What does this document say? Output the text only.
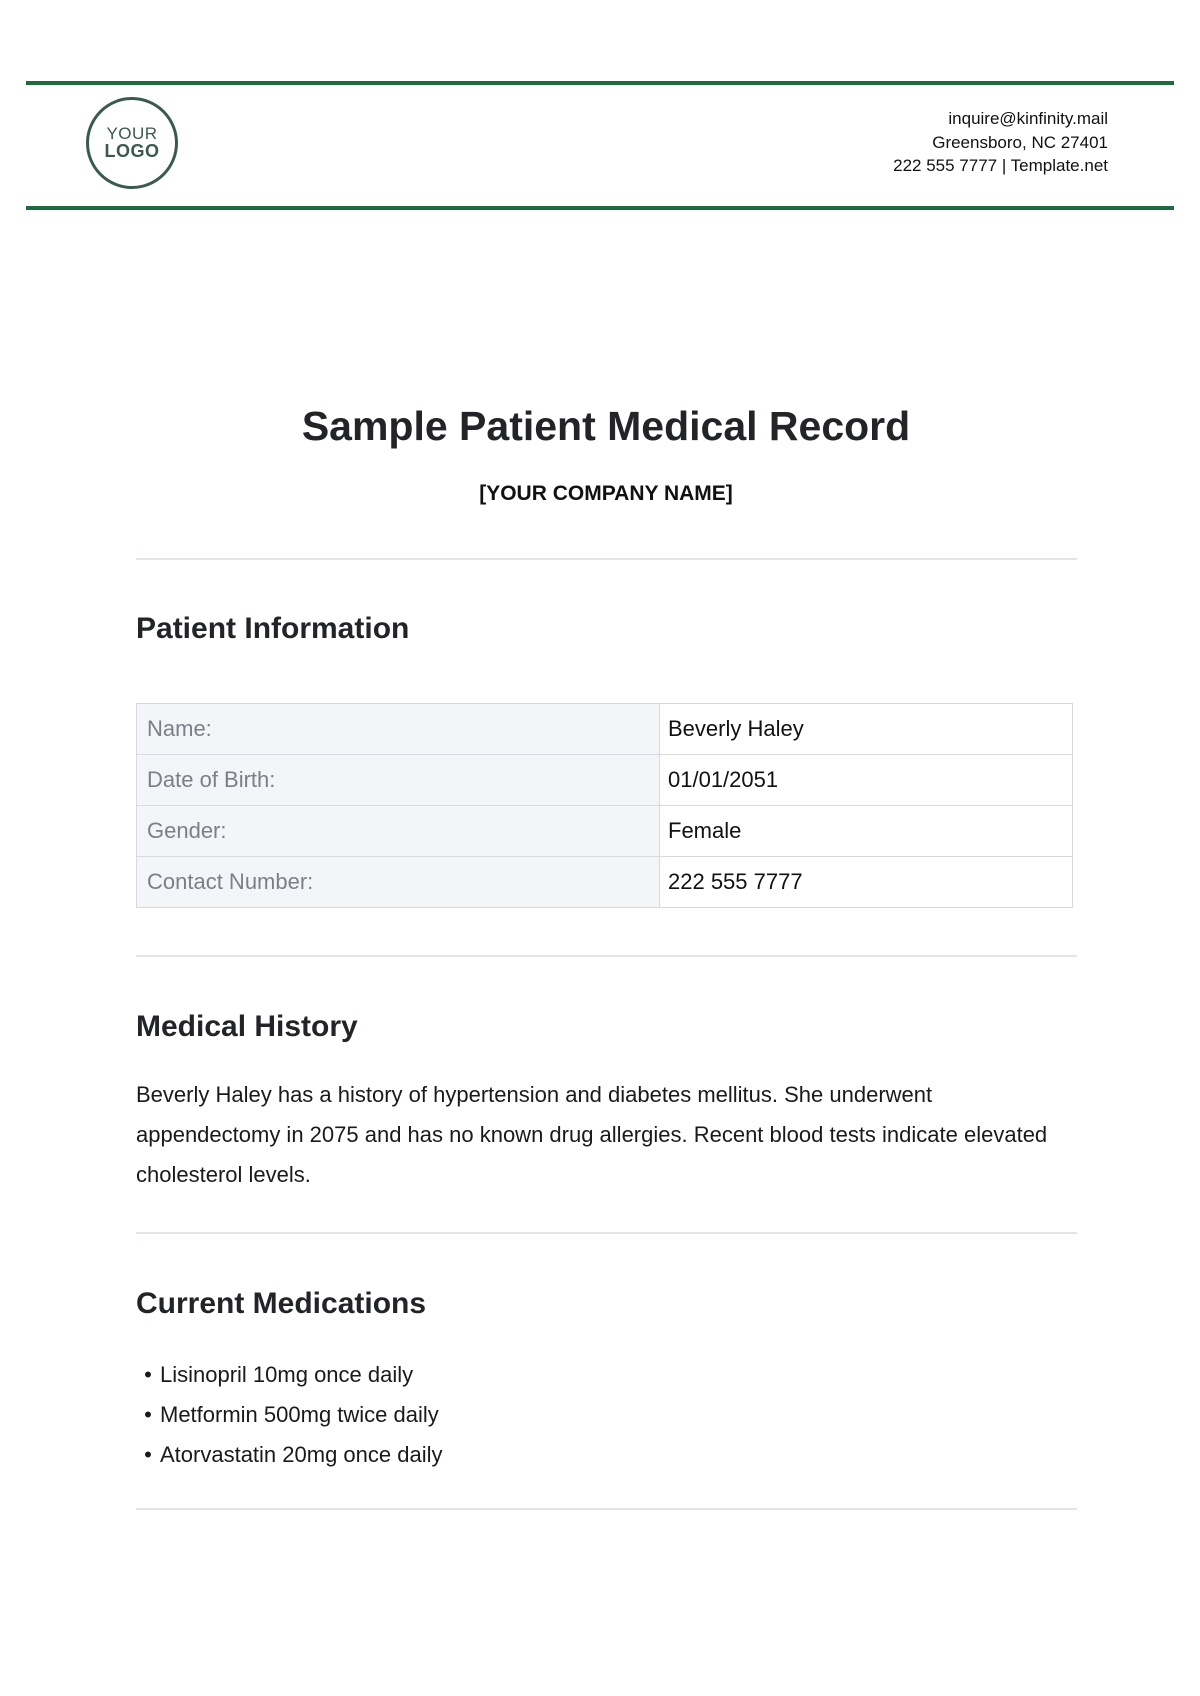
YOUR
LOGO
inquire@kinfinity.mail
Greensboro, NC 27401
222 555 7777 | Template.net
Sample Patient Medical Record
[YOUR COMPANY NAME]
Patient Information
Name:	Beverly Haley
Date of Birth:	01/01/2051
Gender:	Female
Contact Number:	222 555 7777
Medical History

Beverly Haley has a history of hypertension and diabetes mellitus. She underwent appendectomy in 2075 and has no known drug allergies. Recent blood tests indicate elevated cholesterol levels.

Current Medications
• Lisinopril 10mg once daily
• Metformin 500mg twice daily
• Atorvastatin 20mg once daily
